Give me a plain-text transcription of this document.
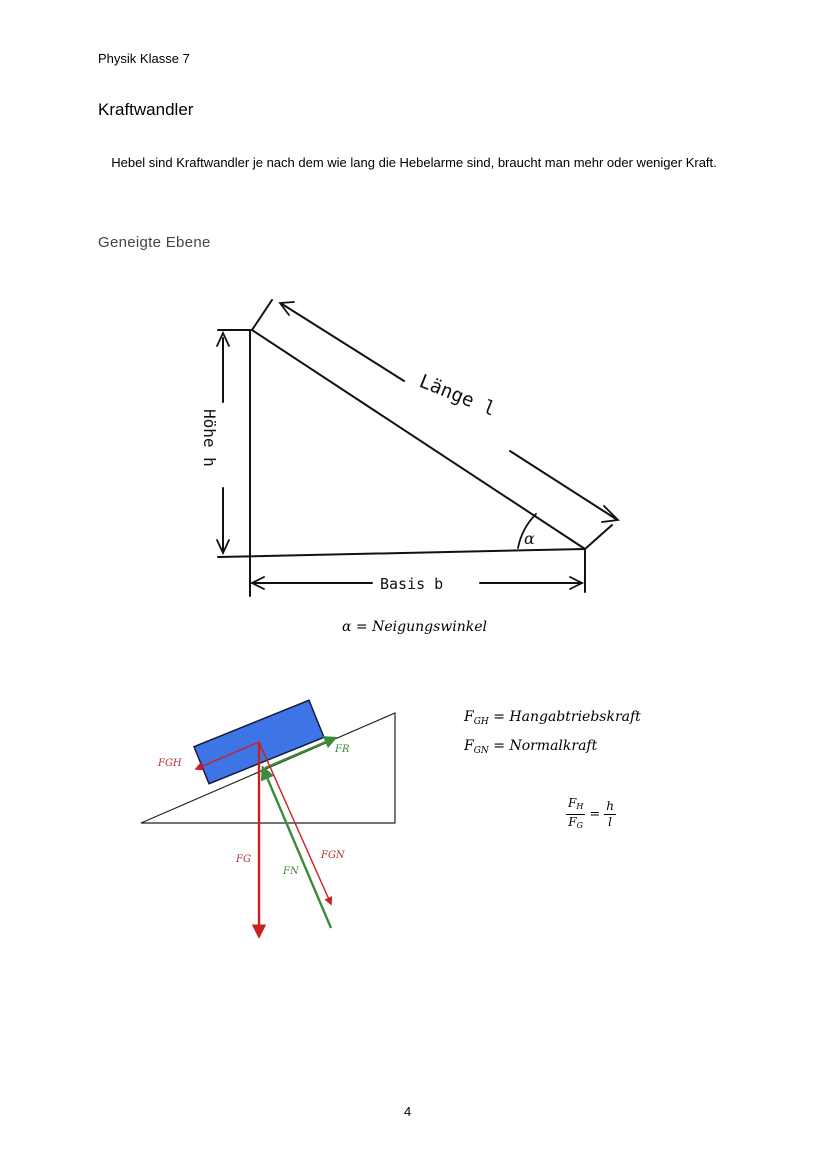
Physik Klasse 7
Kraftwandler
Hebel sind Kraftwandler je nach dem wie lang die Hebelarme sind, braucht man mehr oder weniger Kraft.
Geneigte Ebene
Länge l
Höhe h
Basis b
α
FGH
FR
FG
FN
FGN
α = Neigungswinkel
$F_{GH}$ = Hangabtriebskraft
$F_{GN}$ = Normalkraft
$\frac{F_H}{F_G} = \frac{h}{l}$
4
